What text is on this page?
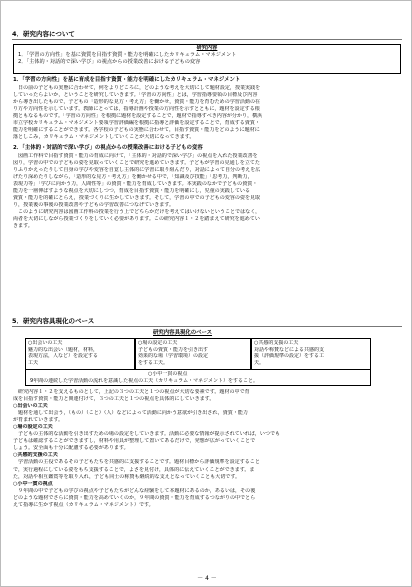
4．研究内容について
研究内容
1．「学習の方向性」を基に資質を目指す資質・能力を明確にしたカリキュラム・マネジメント
2．「主体的・対話的で深い学び」の視点からの授業改善における子どもの変容
1．「学習の方向性」を基に育成を目指す資質・能力を明確にしたカリキュラム・マネジメント
　日の前の子どもの実態に合わせて，何をよりどころに，どのような考えを大切にして題材設定，授業実践を
していったらよいか，ということを研究していきます。「学習の方向性」とは，学習指導要領の目標及び内容
から導き出したもので，子どもの「造形的な見方・考え方」を働かせ，資質・能力を育むための学習活動の在
り方や方向性を示しています。教師にとっては，指導計画や授業の方向性を示すとともに，題材を設定する根
拠ともなるものです。「学習の方向性」を根拠に題材を設定することで，題材で指導すべき内容が分かり，横浜
市立学校カリキュラム・マネジメント要領学習評価編を根拠に指導と評価を設定することで，育成する資質・
能力を明確にすることができます。各学校の子どもの実態に合わせて，目指す資質・能力をどのように題材に
落としこみ，カリキュラム・マネジメントしていくことが大切になってきます。
2．「主体的・対話的で深い学び」の視点からの授業改善における子どもの変容
　図画工作科で目指す資質・能力の育成に向けて，「主体的・対話的で深い学び」の視点を入れた授業改善を
図り，学習の中での子どもの姿を見取っていくことで研究を進めていきます。子どもが学習の見通しを立てた
りふりかえったりして自身の学びや変容を自覚し主体的に学習に取り組んだり，対話によって自分の考えを広
げたり深めたりしながら，「造形的な見方・考え方」を働かせる中で，「知識及び技能」「思考力，判断力，
表現力等」「学びに向かう力，人間性等」の資質・能力を育成していきます。本実践のなかで子どもの資質・
能力を一層伸ばすような視点を大切にしつつ，育成を目指す資質・能力を明確にし，児童の実践している
資質・能力を的確にとらえ，授業づくりに生かしていきます。そして，学習の中での子どもの変容の姿を見取
り，授業後の事後の授業改善や子どもの学習改善につなげていきます。
　このように研究内容は図画工作科の授業を行う上でどちらかだけを考えてはいけないということではなく，
両者を大切にしながら授業づくりをしていく必要があります。この研究内容１・２を踏まえて研究を進めてい
きます。
5．研究内容具現化のベース
研究内容具現化のベース
○出会いの工夫
魅力的な出会い（題材，材料，
表現方法，人など）を設定する
工夫
○場の設定の工夫
子どもの資質・能力を引き出す
効果的な場（学習環境）の設定
をする工夫。
○共感的支援の工夫
対話や称賛などによる共感的支
援（評価規準の設定）をする工
夫。
○小中一貫の視点
9年間の連続した学習活動の流れを意識した視点の工夫（カリキュラム・マネジメント）をすること。
　研究内容１・２を支えるものとして，上記の３つの工夫と１つの視点が大切な要素です。題材の中で育
成を目指す資質・能力と関連付けて，３つの工夫と１つの視点を具体的にしていきます。
○出会いの工夫
　題材を通して出会う，（もの）（こと）（人）などによって活動に向かう意欲が引き出され，資質・能力
が育まれていきます。
○場の設定の工夫
　子どもの主体的な活動を引き出すための場の設定をしていきます。活動に必要な情報が提示されていれば，いつでも
子どもは確認することができますし，材料や用具が整理して置いてあるだけで，発想が広がっていくことで
しょう。安全面も十分に配慮する必要があります。
○共感的支援の工夫
　学習活動の主役であるその子どもたちを共感的に支援することです。題材目標から評価規準を設定すること
で，実行過程にしている姿をもち支援することで，よさを見付け，具体的に伝えていくことができます。ま
た，対話や相互鑑賞等を取り入れ，子ども同士の称賛も継続的な支えとなっていくことも大切です。
○小中一貫の視点
　９年間の中で子どもの学びの視点や子どもたちがどんな経験をして本題材にあるのか，あるいは，その後
どのような題材でさらに資質・能力を高めていくのか，９年間の資質・能力を育成するつながりの中でとら
えて指導に生かす視点（カリキュラム・マネジメント）です。
－ 4 －
